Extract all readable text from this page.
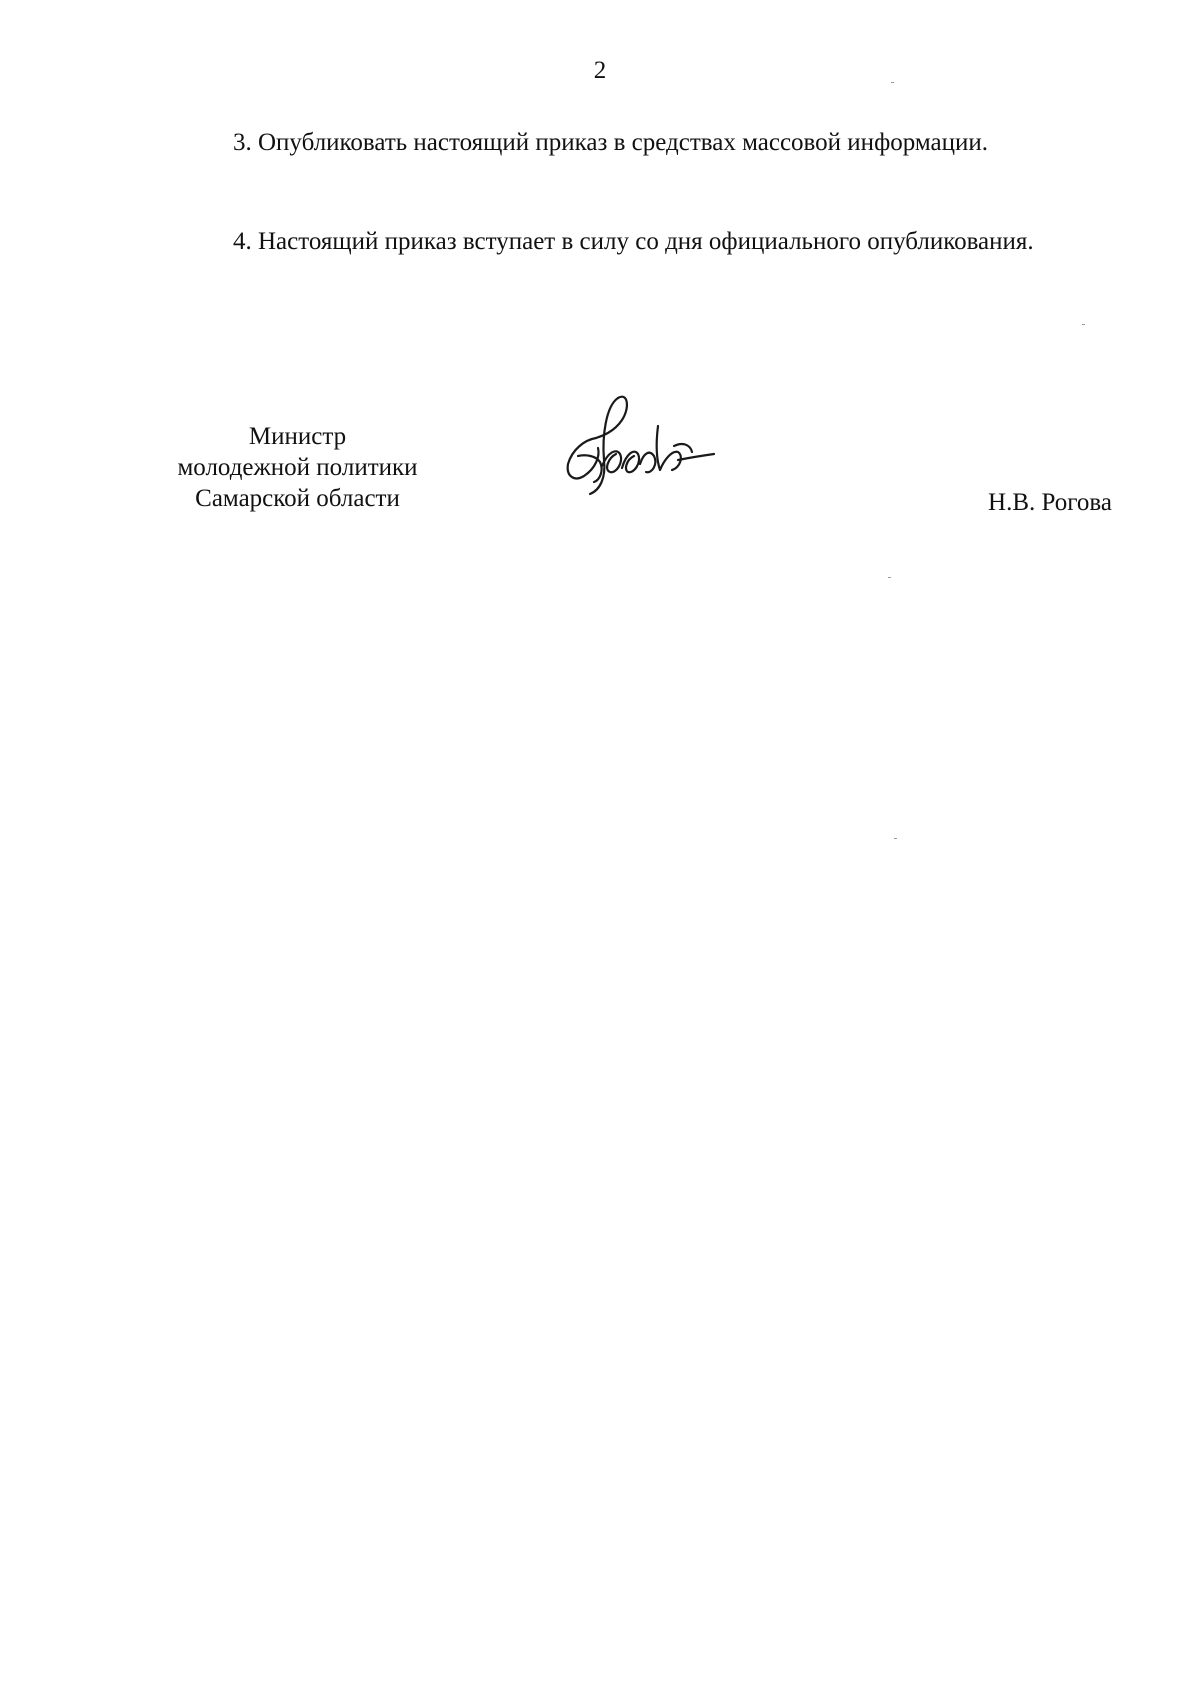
2

3. Опубликовать настоящий приказ в средствах массовой информации.

4. Настоящий приказ вступает в силу со дня официального опубликования.

Министр
молодежной политики
Самарской области	Н.В. Рогова
